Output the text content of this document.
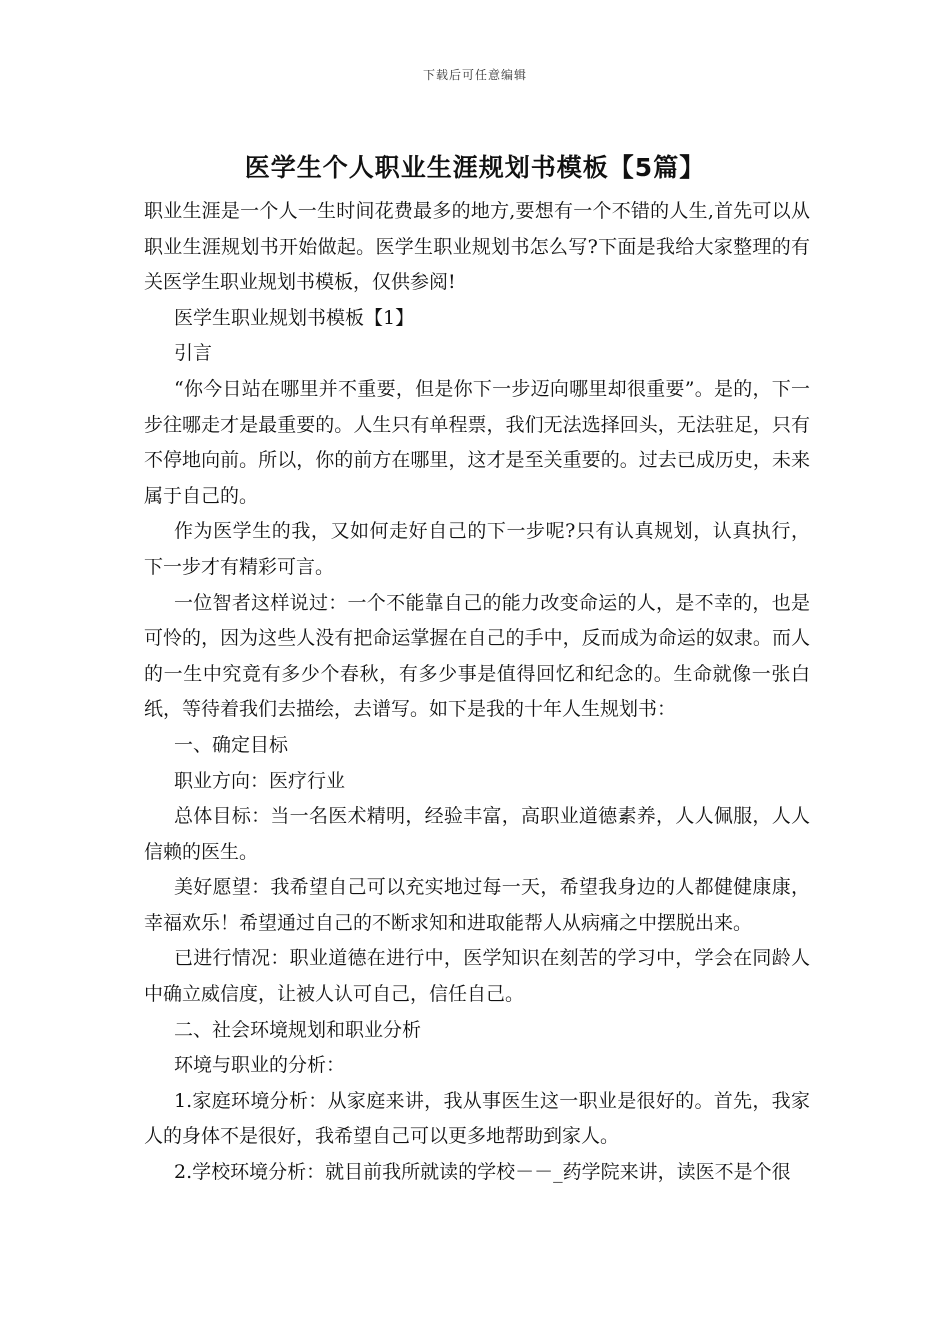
下载后可任意编辑
医学生个人职业生涯规划书模板【5篇】

职业生涯是一个人一生时间花费最多的地方,要想有一个不错的人生,首先可以从职业生涯规划书开始做起。医学生职业规划书怎么写?下面是我给大家整理的有关医学生职业规划书模板，仅供参阅!

医学生职业规划书模板【1】

引言

“你今日站在哪里并不重要，但是你下一步迈向哪里却很重要”。是的，下一步往哪走才是最重要的。人生只有单程票，我们无法选择回头，无法驻足，只有不停地向前。所以，你的前方在哪里，这才是至关重要的。过去已成历史，未来属于自己的。

作为医学生的我，又如何走好自己的下一步呢?只有认真规划，认真执行，下一步才有精彩可言。

一位智者这样说过：一个不能靠自己的能力改变命运的人，是不幸的，也是可怜的，因为这些人没有把命运掌握在自己的手中，反而成为命运的奴隶。而人的一生中究竟有多少个春秋，有多少事是值得回忆和纪念的。生命就像一张白纸，等待着我们去描绘，去谱写。如下是我的十年人生规划书：

一、确定目标

职业方向：医疗行业

总体目标：当一名医术精明，经验丰富，高职业道德素养，人人佩服，人人信赖的医生。

美好愿望：我希望自己可以充实地过每一天，希望我身边的人都健健康康，幸福欢乐！希望通过自己的不断求知和进取能帮人从病痛之中摆脱出来。

已进行情况：职业道德在进行中，医学知识在刻苦的学习中，学会在同龄人中确立威信度，让被人认可自己，信任自己。

二、社会环境规划和职业分析

环境与职业的分析：

1.家庭环境分析：从家庭来讲，我从事医生这一职业是很好的。首先，我家人的身体不是很好，我希望自己可以更多地帮助到家人。

2.学校环境分析：就目前我所就读的学校－－_药学院来讲，读医不是个很
